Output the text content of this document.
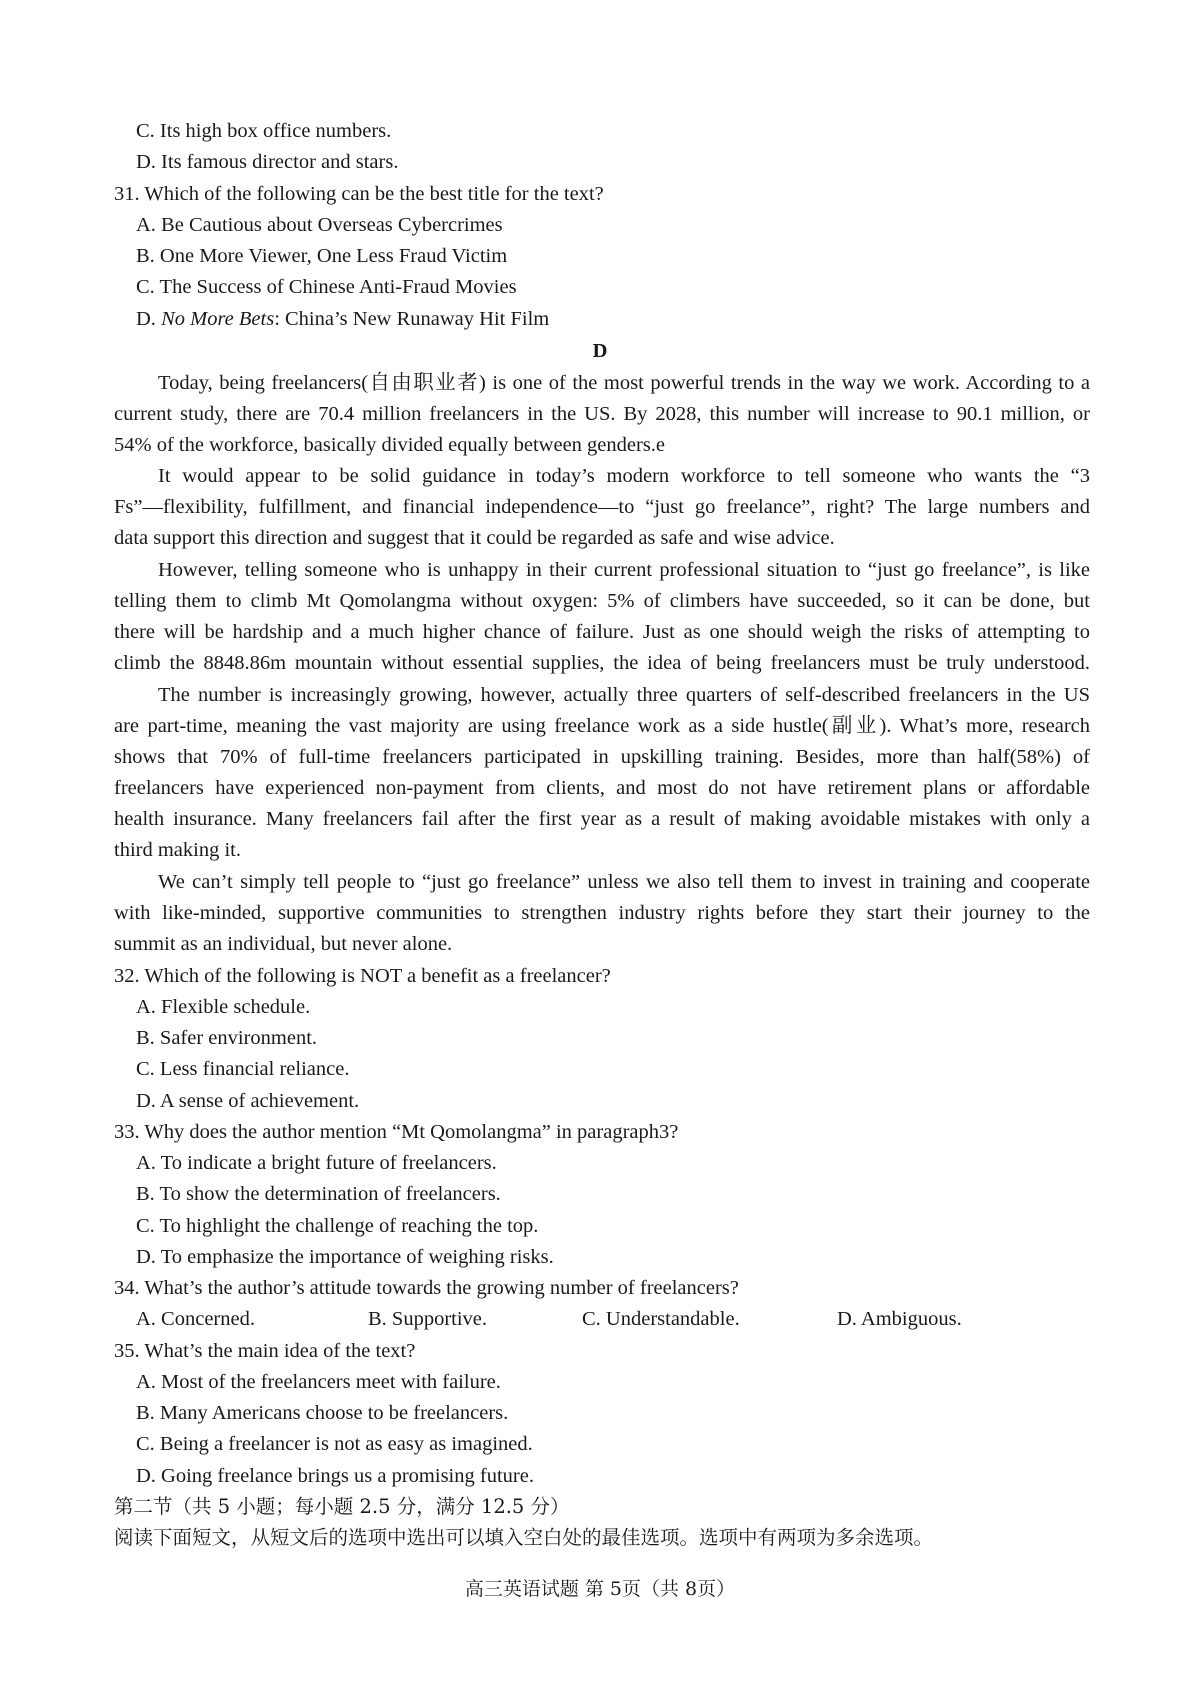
C. Its high box office numbers.
D. Its famous director and stars.
31. Which of the following can be the best title for the text?
A. Be Cautious about Overseas Cybercrimes
B. One More Viewer, One Less Fraud Victim
C. The Success of Chinese Anti-Fraud Movies
D. No More Bets: China’s New Runaway Hit Film
D
Today, being freelancers(自由职业者) is one of the most powerful trends in the way we work. According to a
current study, there are 70.4 million freelancers in the US. By 2028, this number will increase to 90.1 million, or
54% of the workforce, basically divided equally between genders.e
It would appear to be solid guidance in today’s modern workforce to tell someone who wants the “3
Fs”—flexibility, fulfillment, and financial independence—to “just go freelance”, right? The large numbers and
data support this direction and suggest that it could be regarded as safe and wise advice.
However, telling someone who is unhappy in their current professional situation to “just go freelance”, is like
telling them to climb Mt Qomolangma without oxygen: 5% of climbers have succeeded, so it can be done, but
there will be hardship and a much higher chance of failure. Just as one should weigh the risks of attempting to
climb the 8848.86m mountain without essential supplies, the idea of being freelancers must be truly understood.
The number is increasingly growing, however, actually three quarters of self-described freelancers in the US
are part-time, meaning the vast majority are using freelance work as a side hustle(副业). What’s more, research
shows that 70% of full-time freelancers participated in upskilling training. Besides, more than half(58%) of
freelancers have experienced non-payment from clients, and most do not have retirement plans or affordable
health insurance. Many freelancers fail after the first year as a result of making avoidable mistakes with only a
third making it.
We can’t simply tell people to “just go freelance” unless we also tell them to invest in training and cooperate
with like-minded, supportive communities to strengthen industry rights before they start their journey to the
summit as an individual, but never alone.
32. Which of the following is NOT a benefit as a freelancer?
A. Flexible schedule.
B. Safer environment.
C. Less financial reliance.
D. A sense of achievement.
33. Why does the author mention “Mt Qomolangma” in paragraph3?
A. To indicate a bright future of freelancers.
B. To show the determination of freelancers.
C. To highlight the challenge of reaching the top.
D. To emphasize the importance of weighing risks.
34. What’s the author’s attitude towards the growing number of freelancers?
A. Concerned.	B. Supportive.	C. Understandable.	D. Ambiguous.
35. What’s the main idea of the text?
A. Most of the freelancers meet with failure.
B. Many Americans choose to be freelancers.
C. Being a freelancer is not as easy as imagined.
D. Going freelance brings us a promising future.
第二节（共 5 小题；每小题 2.5 分，满分 12.5 分）
阅读下面短文，从短文后的选项中选出可以填入空白处的最佳选项。选项中有两项为多余选项。
高三英语试题 第 5页（共 8页）
